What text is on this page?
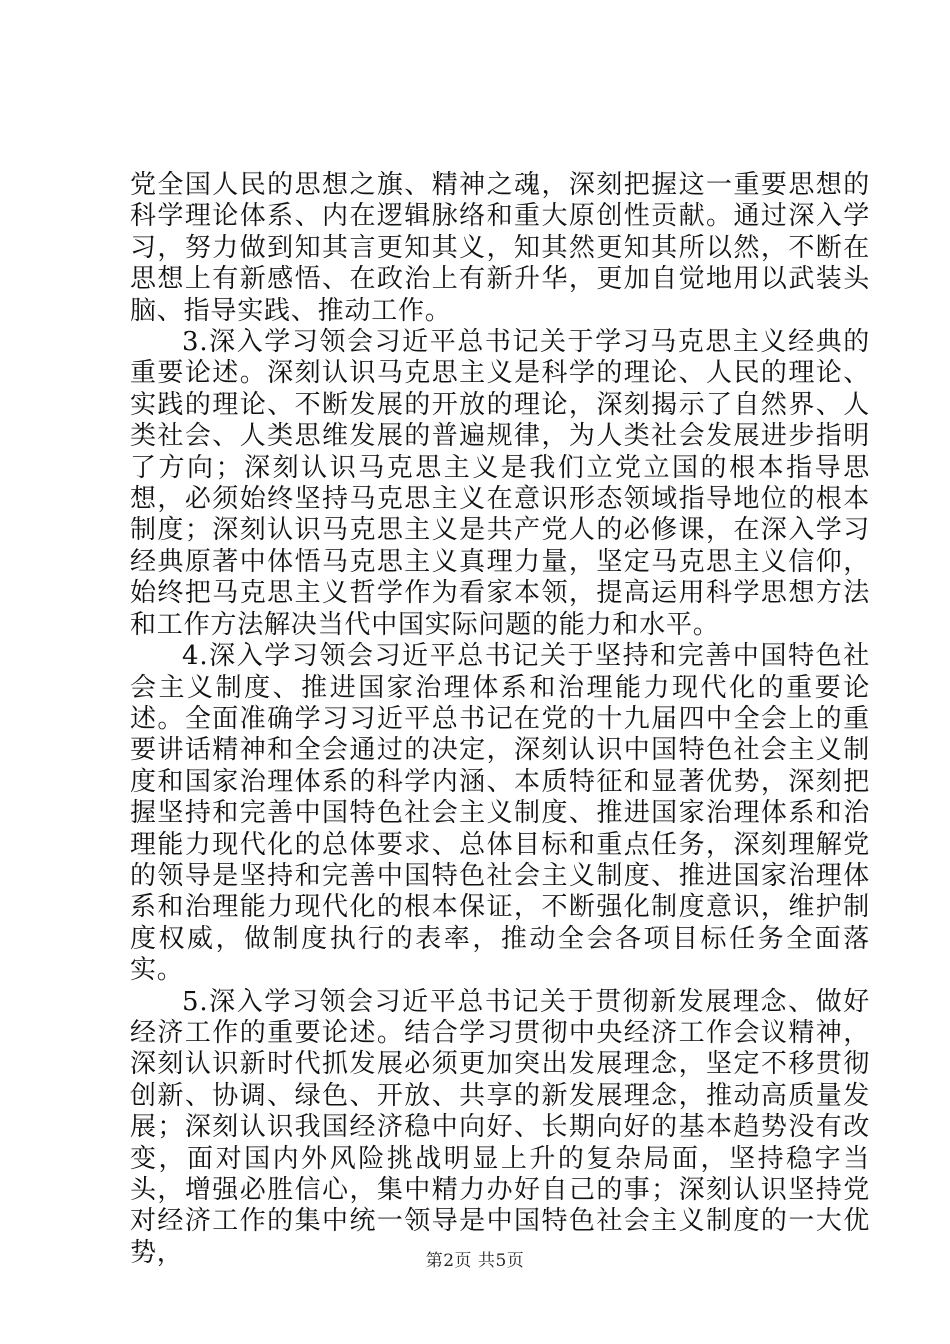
党全国人民的思想之旗、精神之魂，深刻把握这一重要思想的科学理论体系、内在逻辑脉络和重大原创性贡献。通过深入学习，努力做到知其言更知其义，知其然更知其所以然，不断在思想上有新感悟、在政治上有新升华，更加自觉地用以武装头脑、指导实践、推动工作。

3.深入学习领会习近平总书记关于学习马克思主义经典的重要论述。深刻认识马克思主义是科学的理论、人民的理论、实践的理论、不断发展的开放的理论，深刻揭示了自然界、人类社会、人类思维发展的普遍规律，为人类社会发展进步指明了方向；深刻认识马克思主义是我们立党立国的根本指导思想，必须始终坚持马克思主义在意识形态领域指导地位的根本制度；深刻认识马克思主义是共产党人的必修课，在深入学习经典原著中体悟马克思主义真理力量，坚定马克思主义信仰，始终把马克思主义哲学作为看家本领，提高运用科学思想方法和工作方法解决当代中国实际问题的能力和水平。

4.深入学习领会习近平总书记关于坚持和完善中国特色社会主义制度、推进国家治理体系和治理能力现代化的重要论述。全面准确学习习近平总书记在党的十九届四中全会上的重要讲话精神和全会通过的决定，深刻认识中国特色社会主义制度和国家治理体系的科学内涵、本质特征和显著优势，深刻把握坚持和完善中国特色社会主义制度、推进国家治理体系和治理能力现代化的总体要求、总体目标和重点任务，深刻理解党的领导是坚持和完善中国特色社会主义制度、推进国家治理体系和治理能力现代化的根本保证，不断强化制度意识，维护制度权威，做制度执行的表率，推动全会各项目标任务全面落实。

5.深入学习领会习近平总书记关于贯彻新发展理念、做好经济工作的重要论述。结合学习贯彻中央经济工作会议精神，深刻认识新时代抓发展必须更加突出发展理念，坚定不移贯彻创新、协调、绿色、开放、共享的新发展理念，推动高质量发展；深刻认识我国经济稳中向好、长期向好的基本趋势没有改变，面对国内外风险挑战明显上升的复杂局面，坚持稳字当头，增强必胜信心，集中精力办好自己的事；深刻认识坚持党对经济工作的集中统一领导是中国特色社会主义制度的一大优势，	第2页 共5页
